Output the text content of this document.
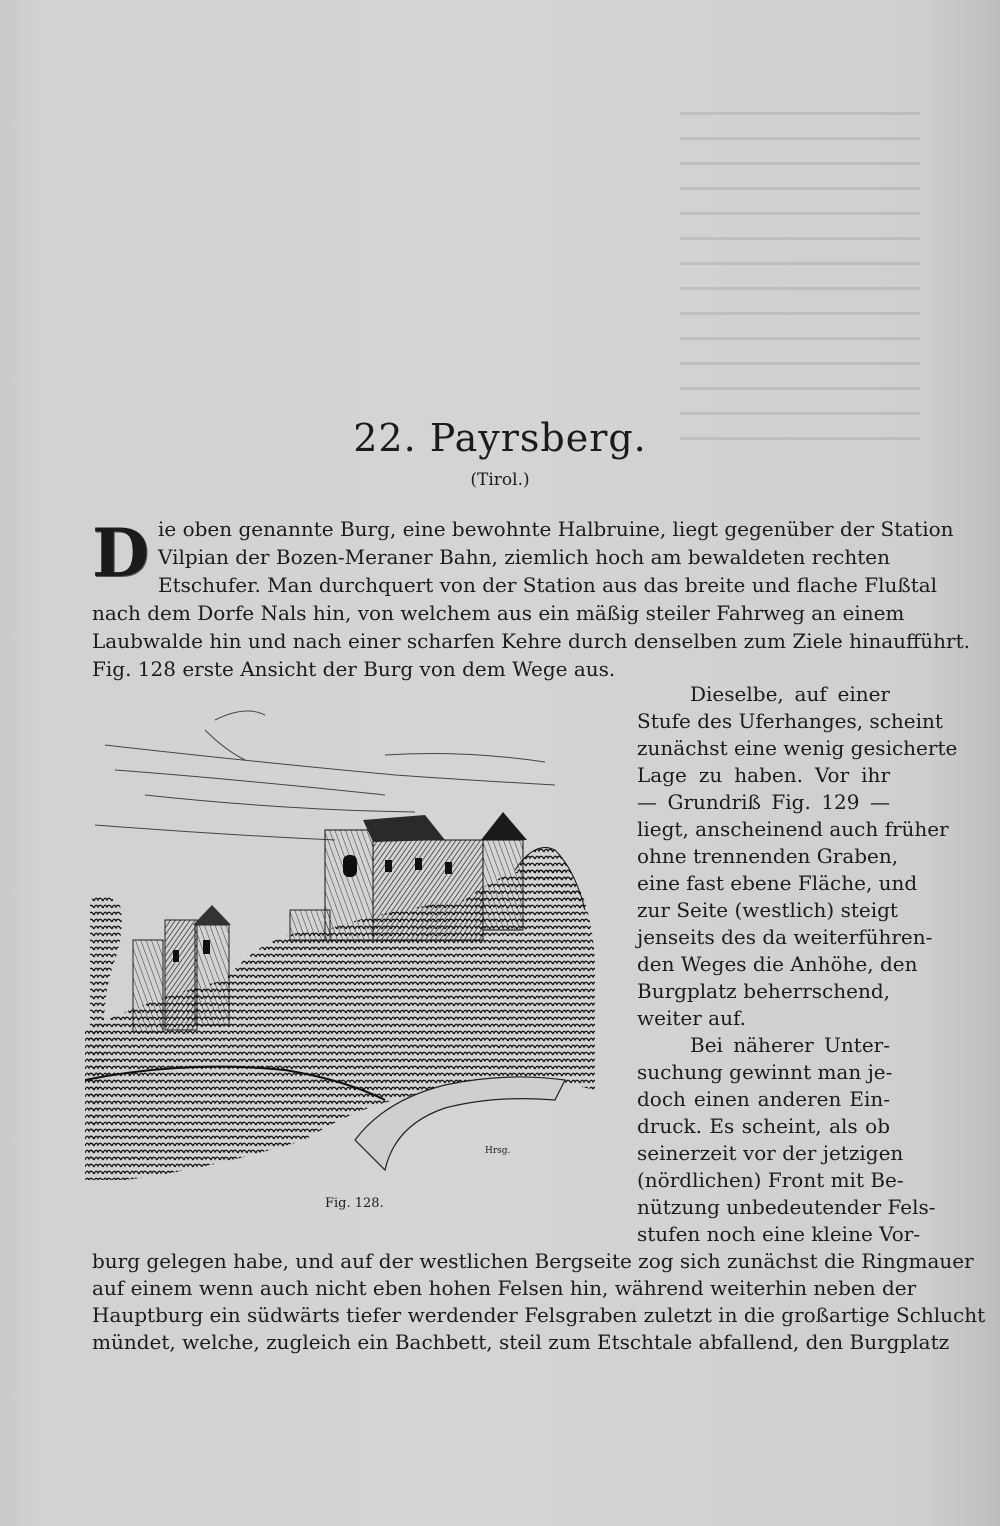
22. Payrsberg.
(Tirol.)
D ie oben genannte Burg, eine bewohnte Halbruine, liegt gegenüber der Station
Vilpian der Bozen-Meraner Bahn, ziemlich hoch am bewaldeten rechten
Etschufer. Man durchquert von der Station aus das breite und flache Flußtal
nach dem Dorfe Nals hin, von welchem aus ein mäßig steiler Fahrweg an einem
Laubwalde hin und nach einer scharfen Kehre durch denselben zum Ziele hinaufführt.
Fig. 128 erste Ansicht der Burg von dem Wege aus.
Dieselbe, auf einer
Stufe des Uferhanges, scheint
zunächst eine wenig gesicherte
Lage zu haben. Vor ihr
— Grundriß Fig. 129 —
liegt, anscheinend auch früher
ohne trennenden Graben,
eine fast ebene Fläche, und
zur Seite (westlich) steigt
jenseits des da weiterführen-
den Weges die Anhöhe, den
Burgplatz beherrschend,
weiter auf.
Bei näherer Unter-
suchung gewinnt man je-
doch einen anderen Ein-
druck. Es scheint, als ob
seinerzeit vor der jetzigen
(nördlichen) Front mit Be-
nützung unbedeutender Fels-
stufen noch eine kleine Vor-
burg gelegen habe, und auf der westlichen Bergseite zog sich zunächst die Ringmauer
auf einem wenn auch nicht eben hohen Felsen hin, während weiterhin neben der
Hauptburg ein südwärts tiefer werdender Felsgraben zuletzt in die großartige Schlucht
mündet, welche, zugleich ein Bachbett, steil zum Etschtale abfallend, den Burgplatz
Hrsg.
Fig. 128.
